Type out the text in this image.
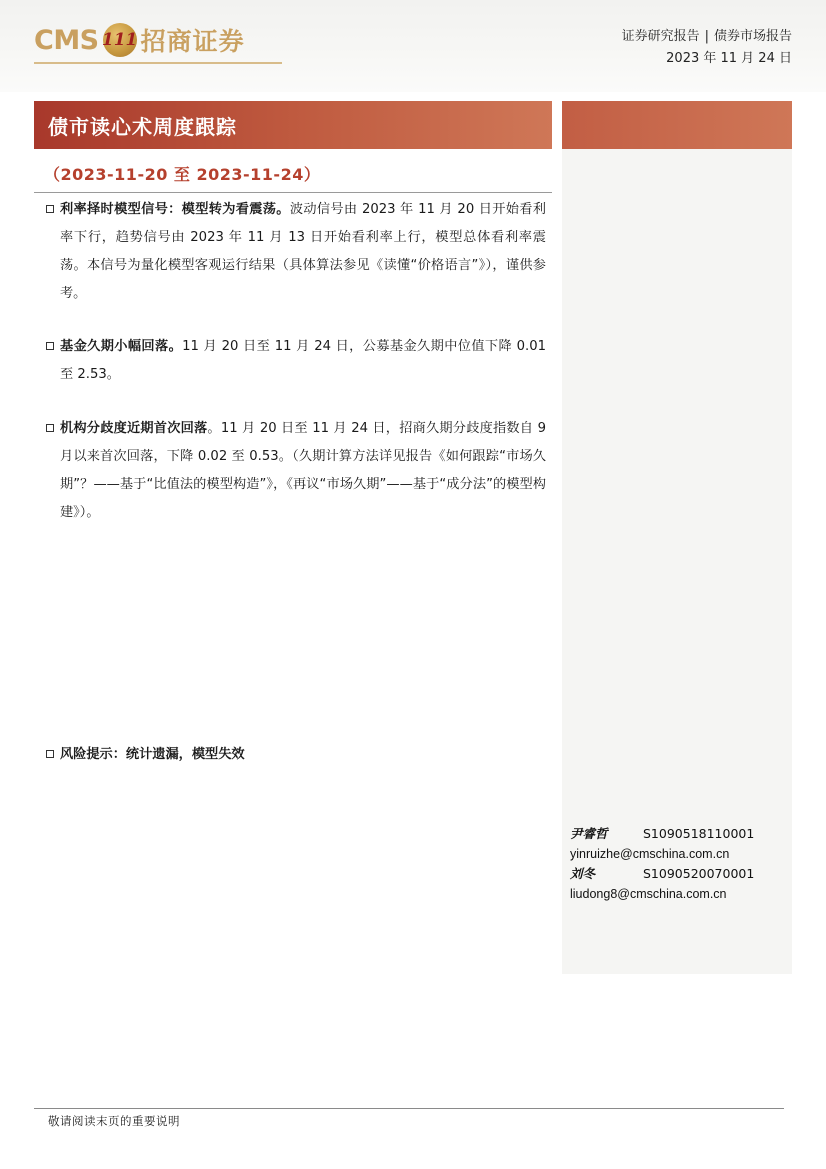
CMS 111 招商证券	证券研究报告 | 债券市场报告
2023 年 11 月 24 日
债市读心术周度跟踪
（2023-11-20 至 2023-11-24）
尹睿哲	S1090518110001
yinruizhe@cmschina.com.cn
刘冬	S1090520070001
liudong8@cmschina.com.cn
利率择时模型信号：模型转为看震荡。波动信号由 2023 年 11 月 20 日开始看利率下行，趋势信号由 2023 年 11 月 13 日开始看利率上行，模型总体看利率震荡。本信号为量化模型客观运行结果（具体算法参见《读懂“价格语言”》），谨供参考。
基金久期小幅回落。11 月 20 日至 11 月 24 日，公募基金久期中位值下降 0.01 至 2.53。
机构分歧度近期首次回落。11 月 20 日至 11 月 24 日，招商久期分歧度指数自 9 月以来首次回落，下降 0.02 至 0.53。（久期计算方法详见报告《如何跟踪“市场久期”？——基于“比值法的模型构造”》，《再议“市场久期”——基于“成分法”的模型构建》）。
风险提示：统计遗漏，模型失效
敬请阅读末页的重要说明
